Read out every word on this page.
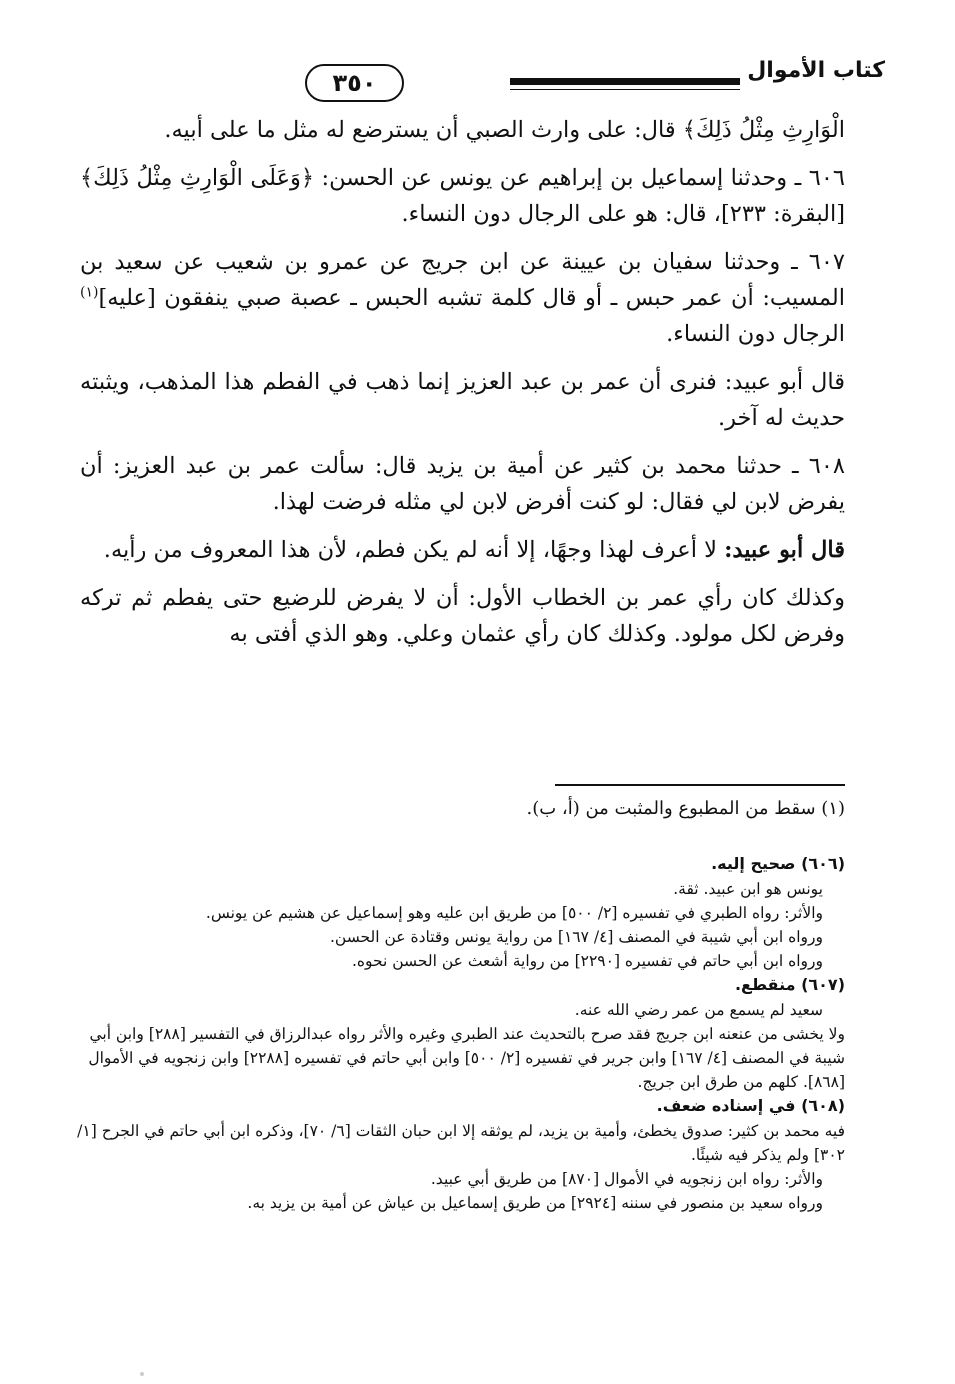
كتاب الأموال
٣٥٠

الْوَارِثِ مِثْلُ ذَلِكَ﴾ قال: على وارث الصبي أن يسترضع له مثل ما على أبيه.

٦٠٦ ـ وحدثنا إسماعيل بن إبراهيم عن يونس عن الحسن: ﴿وَعَلَى الْوَارِثِ مِثْلُ ذَلِكَ﴾ [البقرة: ٢٣٣]، قال: هو على الرجال دون النساء.

٦٠٧ ـ وحدثنا سفيان بن عيينة عن ابن جريج عن عمرو بن شعيب عن سعيد بن المسيب: أن عمر حبس ـ أو قال كلمة تشبه الحبس ـ عصبة صبي ينفقون [عليه]$^{(١)}$ الرجال دون النساء.

قال أبو عبيد: فنرى أن عمر بن عبد العزيز إنما ذهب في الفطم هذا المذهب، ويثبته حديث له آخر.

٦٠٨ ـ حدثنا محمد بن كثير عن أمية بن يزيد قال: سألت عمر بن عبد العزيز: أن يفرض لابن لي فقال: لو كنت أفرض لابن لي مثله فرضت لهذا.

قال أبو عبيد: لا أعرف لهذا وجهًا، إلا أنه لم يكن فطم، لأن هذا المعروف من رأيه.

وكذلك كان رأي عمر بن الخطاب الأول: أن لا يفرض للرضيع حتى يفطم ثم تركه وفرض لكل مولود. وكذلك كان رأي عثمان وعلي. وهو الذي أفتى به

(١) سقط من المطبوع والمثبت من (أ، ب).
(٦٠٦) صحيح إليه.
يونس هو ابن عبيد. ثقة.
والأثر: رواه الطبري في تفسيره [٢/ ٥٠٠] من طريق ابن عليه وهو إسماعيل عن هشيم عن يونس.
ورواه ابن أبي شيبة في المصنف [٤/ ١٦٧] من رواية يونس وقتادة عن الحسن.
ورواه ابن أبي حاتم في تفسيره [٢٢٩٠] من رواية أشعث عن الحسن نحوه.
(٦٠٧) منقطع.
سعيد لم يسمع من عمر رضي الله عنه.
ولا يخشى من عنعنه ابن جريج فقد صرح بالتحديث عند الطبري وغيره والأثر رواه عبدالرزاق في التفسير [٢٨٨] وابن أبي شيبة في المصنف [٤/ ١٦٧] وابن جرير في تفسيره [٢/ ٥٠٠] وابن أبي حاتم في تفسيره [٢٢٨٨] وابن زنجويه في الأموال [٨٦٨]. كلهم من طرق ابن جريج.
(٦٠٨) في إسناده ضعف.
فيه محمد بن كثير: صدوق يخطئ، وأمية بن يزيد، لم يوثقه إلا ابن حبان الثقات [٦/ ٧٠]، وذكره ابن أبي حاتم في الجرح [١/ ٣٠٢] ولم يذكر فيه شيئًا.
والأثر: رواه ابن زنجويه في الأموال [٨٧٠] من طريق أبي عبيد.
ورواه سعيد بن منصور في سننه [٢٩٢٤] من طريق إسماعيل بن عياش عن أمية بن يزيد به.
